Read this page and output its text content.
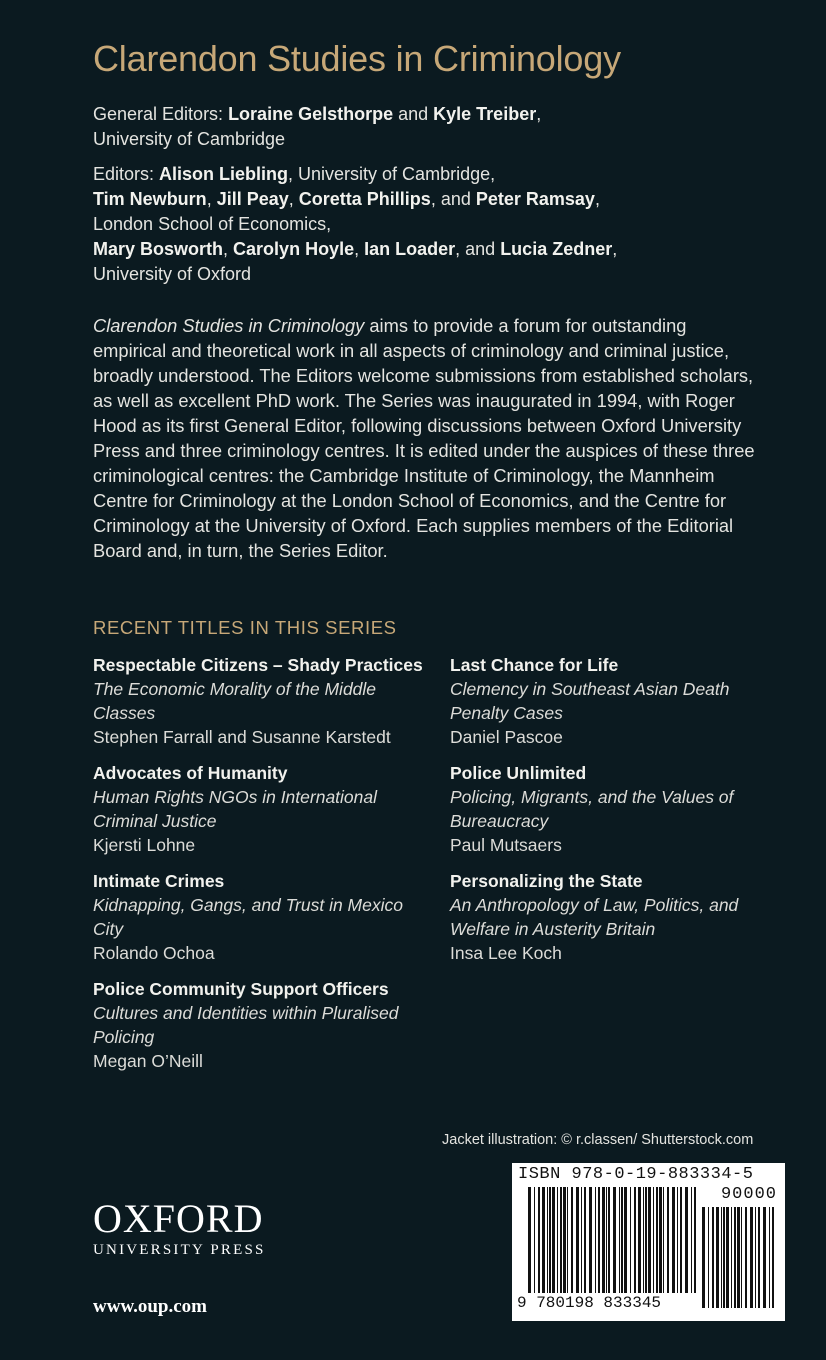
Clarendon Studies in Criminology

General Editors: Loraine Gelsthorpe and Kyle Treiber,
University of Cambridge

Editors: Alison Liebling, University of Cambridge,
Tim Newburn, Jill Peay, Coretta Phillips, and Peter Ramsay,
London School of Economics,
Mary Bosworth, Carolyn Hoyle, Ian Loader, and Lucia Zedner,
University of Oxford

Clarendon Studies in Criminology aims to provide a forum for outstanding empirical and theoretical work in all aspects of criminology and criminal justice, broadly understood. The Editors welcome submissions from established scholars, as well as excellent PhD work. The Series was inaugurated in 1994, with Roger Hood as its first General Editor, following discussions between Oxford University Press and three criminology centres. It is edited under the auspices of these three criminological centres: the Cambridge Institute of Criminology, the Mannheim Centre for Criminology at the London School of Economics, and the Centre for Criminology at the University of Oxford. Each supplies members of the Editorial Board and, in turn, the Series Editor.

RECENT TITLES IN THIS SERIES
Respectable Citizens – Shady Practices
The Economic Morality of the Middle Classes
Stephen Farrall and Susanne Karstedt
Advocates of Humanity
Human Rights NGOs in International Criminal Justice
Kjersti Lohne
Intimate Crimes
Kidnapping, Gangs, and Trust in Mexico City
Rolando Ochoa
Police Community Support Officers
Cultures and Identities within Pluralised Policing
Megan O’Neill
Last Chance for Life
Clemency in Southeast Asian Death Penalty Cases
Daniel Pascoe
Police Unlimited
Policing, Migrants, and the Values of Bureaucracy
Paul Mutsaers
Personalizing the State
An Anthropology of Law, Politics, and Welfare in Austerity Britain
Insa Lee Koch
Jacket illustration: © r.classen/ Shutterstock.com
OXFORD
UNIVERSITY PRESS
www.oup.com
ISBN 978-0-19-883334-5
90000
9 780198 833345
